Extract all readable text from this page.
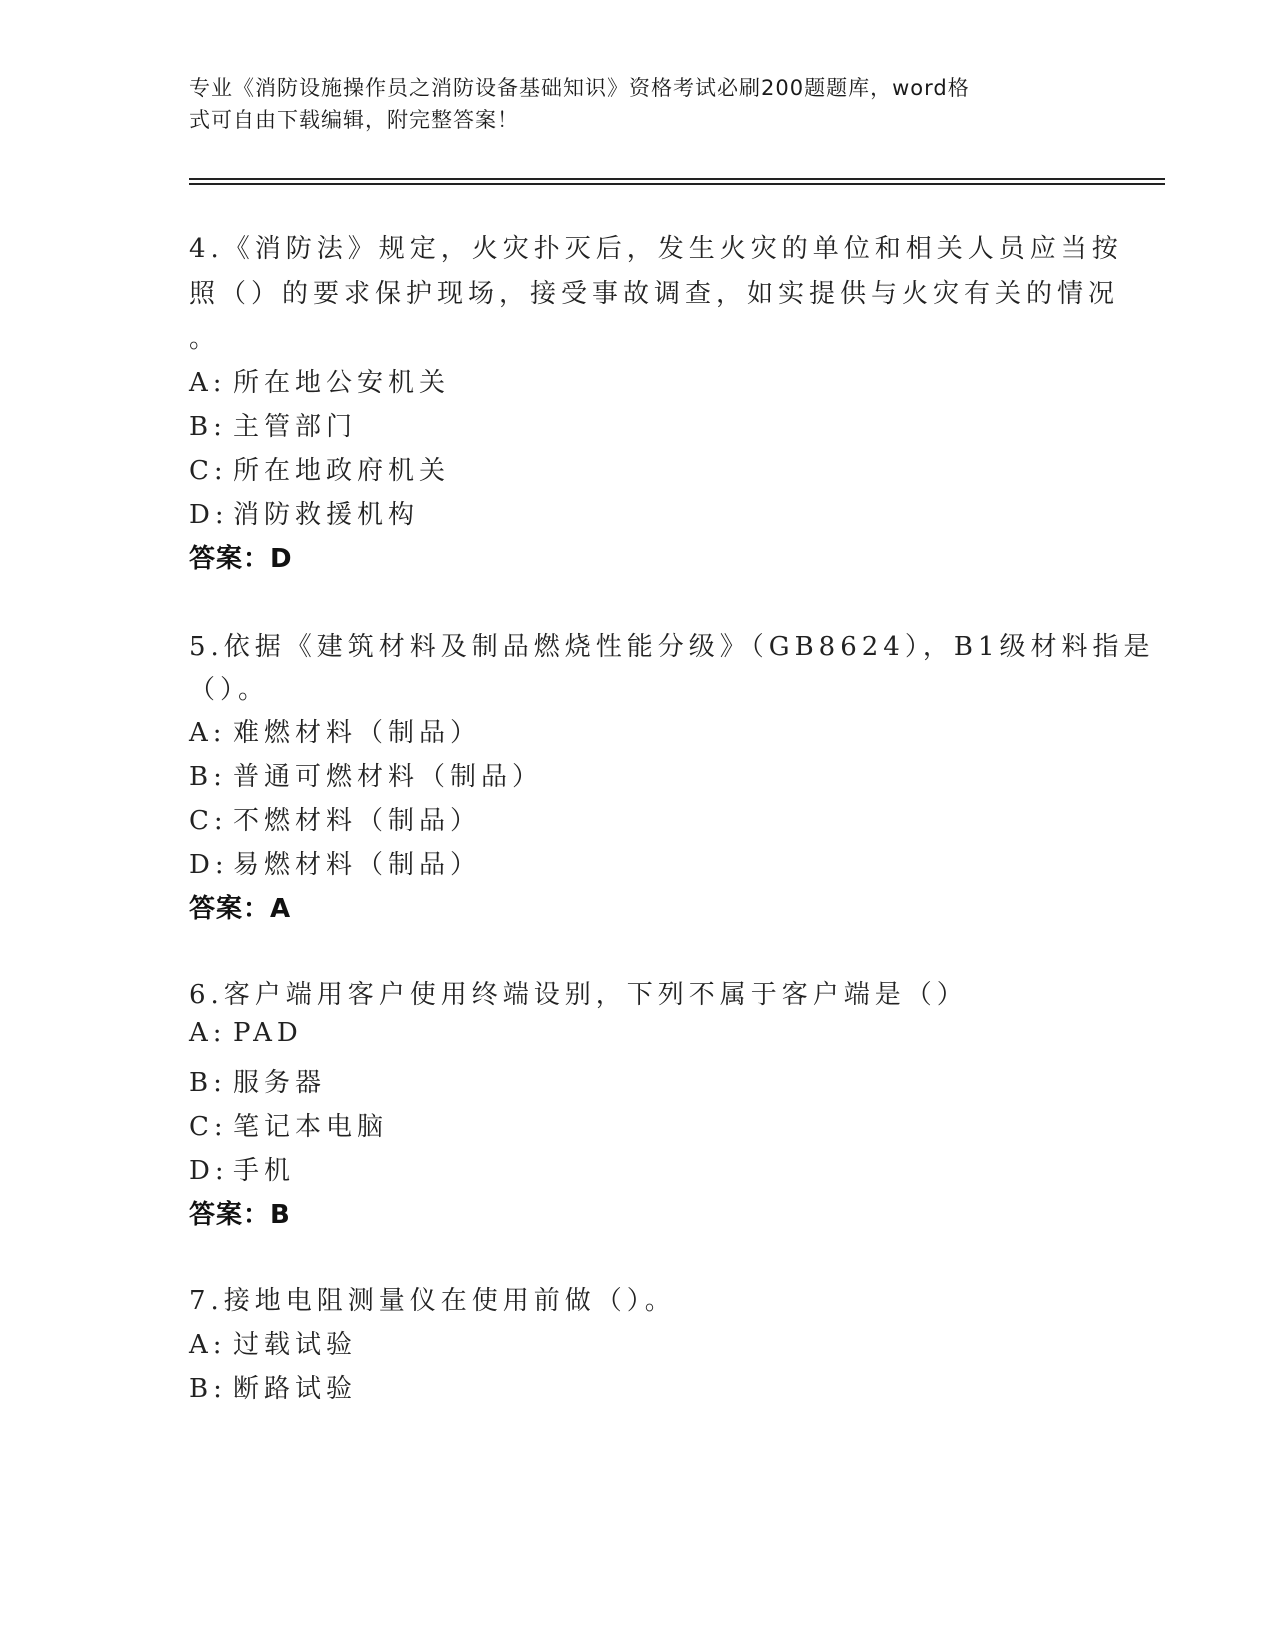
专业《消防设施操作员之消防设备基础知识》资格考试必刷200题题库，word格
式可自由下载编辑，附完整答案！
4.《消防法》规定，火灾扑灭后，发生火灾的单位和相关人员应当按
照（）的要求保护现场，接受事故调查，如实提供与火灾有关的情况
。
A: 所在地公安机关
B: 主管部门
C: 所在地政府机关
D: 消防救援机构
答案：D
5.依据《建筑材料及制品燃烧性能分级》（GB8624），B1级材料指是
（）。
A: 难燃材料（制品）
B: 普通可燃材料（制品）
C: 不燃材料（制品）
D: 易燃材料（制品）
答案：A
6.客户端用客户使用终端设别，下列不属于客户端是（）
A: PAD
B: 服务器
C: 笔记本电脑
D: 手机
答案：B
7.接地电阻测量仪在使用前做（）。
A: 过载试验
B: 断路试验
